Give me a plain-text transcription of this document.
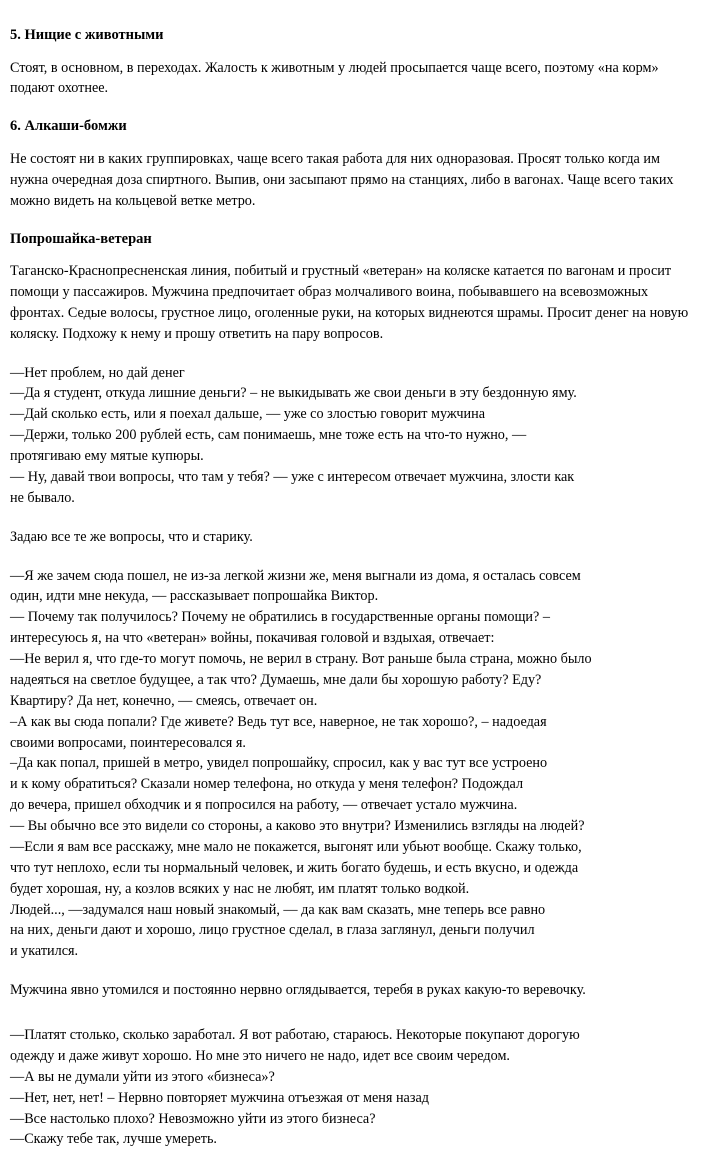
5. Нищие с животными

Стоят, в основном, в переходах. Жалость к животным у людей просыпается чаще всего, поэтому «на корм» подают охотнее.

6. Алкаши-бомжи

Не состоят ни в каких группировках, чаще всего такая работа для них одноразовая. Просят только когда им нужна очередная доза спиртного. Выпив, они засыпают прямо на станциях, либо в вагонах. Чаще всего таких можно видеть на кольцевой ветке метро.

Попрошайка-ветеран

Таганско-Краснопресненская линия, побитый и грустный «ветеран» на коляске катается по вагонам и просит помощи у пассажиров. Мужчина предпочитает образ молчаливого воина, побывавшего на всевозможных фронтах. Седые волосы, грустное лицо, оголенные руки, на которых виднеются шрамы. Просит денег на новую коляску. Подхожу к нему и прошу ответить на пару вопросов.

—Нет проблем, но дай денег
—Да я студент, откуда лишние деньги? – не выкидывать же свои деньги в эту бездонную яму.
—Дай сколько есть, или я поехал дальше, — уже со злостью говорит мужчина
—Держи, только 200 рублей есть, сам понимаешь, мне тоже есть на что-то нужно, —
протягиваю ему мятые купюры.
— Ну, давай твои вопросы, что там у тебя? — уже с интересом отвечает мужчина, злости как
не бывало.

Задаю все те же вопросы, что и старику.

—Я же зачем сюда пошел, не из-за легкой жизни же, меня выгнали из дома, я осталась совсем
один, идти мне некуда, — рассказывает попрошайка Виктор.
— Почему так получилось? Почему не обратились в государственные органы помощи? –
интересуюсь я, на что «ветеран» войны, покачивая головой и вздыхая, отвечает:
—Не верил я, что где-то могут помочь, не верил в страну. Вот раньше была страна, можно было
надеяться на светлое будущее, а так что? Думаешь, мне дали бы хорошую работу? Еду?
Квартиру? Да нет, конечно, — смеясь, отвечает он.
–А как вы сюда попали? Где живете? Ведь тут все, наверное, не так хорошо?, – надоедая
своими вопросами, поинтересовался я.
–Да как попал, пришей в метро, увидел попрошайку, спросил, как у вас тут все устроено
и к кому обратиться? Сказали номер телефона, но откуда у меня телефон? Подождал
до вечера, пришел обходчик и я попросился на работу, — отвечает устало мужчина.
— Вы обычно все это видели со стороны, а каково это внутри? Изменились взгляды на людей?
—Если я вам все расскажу, мне мало не покажется, выгонят или убьют вообще. Скажу только,
что тут неплохо, если ты нормальный человек, и жить богато будешь, и есть вкусно, и одежда
будет хорошая, ну, а козлов всяких у нас не любят, им платят только водкой.
Людей..., —задумался наш новый знакомый, — да как вам сказать, мне теперь все равно
на них, деньги дают и хорошо, лицо грустное сделал, в глаза заглянул, деньги получил
и укатился.

Мужчина явно утомился и постоянно нервно оглядывается, теребя в руках какую-то веревочку.

—Платят столько, сколько заработал. Я вот работаю, стараюсь. Некоторые покупают дорогую
одежду и даже живут хорошо. Но мне это ничего не надо, идет все своим чередом.
—А вы не думали уйти из этого «бизнеса»?
—Нет, нет, нет! – Нервно повторяет мужчина отъезжая от меня назад
—Все настолько плохо? Невозможно уйти из этого бизнеса?
—Скажу тебе так, лучше умереть.
